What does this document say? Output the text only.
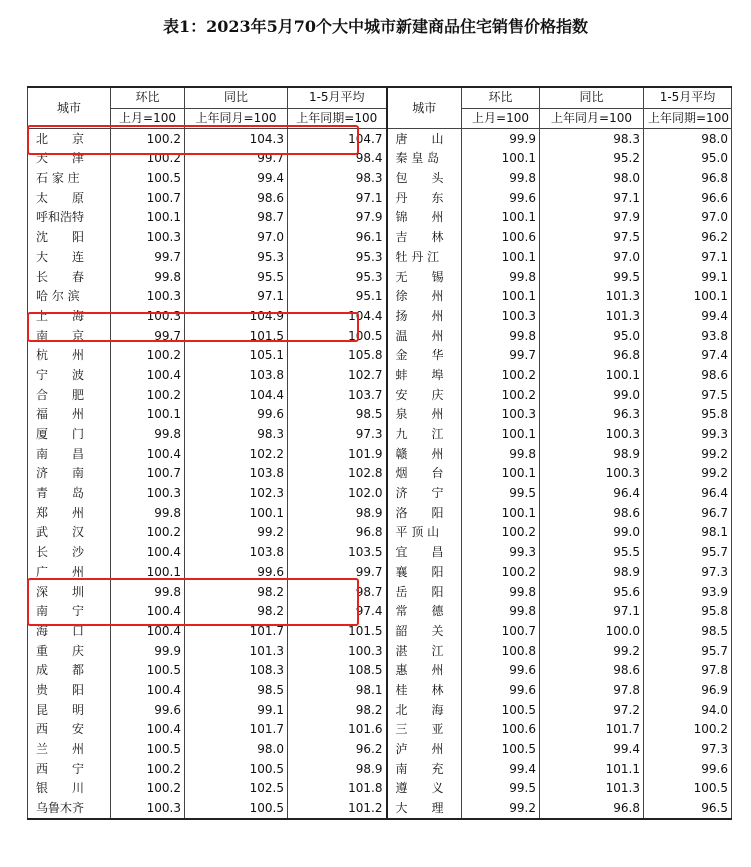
表1：2023年5月70个大中城市新建商品住宅销售价格指数
城市	环比	同比	1-5月平均	城市	环比	同比	1-5月平均
	上月=100	上年同月=100	上年同期=100		上月=100	上年同月=100	上年同期=100
北　　京	100.2	104.3	104.7	唐　　山	99.9	98.3	98.0
天　　津	100.2	99.7	98.4	秦 皇 岛	100.1	95.2	95.0
石 家 庄	100.5	99.4	98.3	包　　头	99.8	98.0	96.8
太　　原	100.7	98.6	97.1	丹　　东	99.6	97.1	96.6
呼和浩特	100.1	98.7	97.9	锦　　州	100.1	97.9	97.0
沈　　阳	100.3	97.0	96.1	吉　　林	100.6	97.5	96.2
大　　连	99.7	95.3	95.3	牡 丹 江	100.1	97.0	97.1
长　　春	99.8	95.5	95.3	无　　锡	99.8	99.5	99.1
哈 尔 滨	100.3	97.1	95.1	徐　　州	100.1	101.3	100.1
上　　海	100.3	104.9	104.4	扬　　州	100.3	101.3	99.4
南　　京	99.7	101.5	100.5	温　　州	99.8	95.0	93.8
杭　　州	100.2	105.1	105.8	金　　华	99.7	96.8	97.4
宁　　波	100.4	103.8	102.7	蚌　　埠	100.2	100.1	98.6
合　　肥	100.2	104.4	103.7	安　　庆	100.2	99.0	97.5
福　　州	100.1	99.6	98.5	泉　　州	100.3	96.3	95.8
厦　　门	99.8	98.3	97.3	九　　江	100.1	100.3	99.3
南　　昌	100.4	102.2	101.9	赣　　州	99.8	98.9	99.2
济　　南	100.7	103.8	102.8	烟　　台	100.1	100.3	99.2
青　　岛	100.3	102.3	102.0	济　　宁	99.5	96.4	96.4
郑　　州	99.8	100.1	98.9	洛　　阳	100.1	98.6	96.7
武　　汉	100.2	99.2	96.8	平 顶 山	100.2	99.0	98.1
长　　沙	100.4	103.8	103.5	宜　　昌	99.3	95.5	95.7
广　　州	100.1	99.6	99.7	襄　　阳	100.2	98.9	97.3
深　　圳	99.8	98.2	98.7	岳　　阳	99.8	95.6	93.9
南　　宁	100.4	98.2	97.4	常　　德	99.8	97.1	95.8
海　　口	100.4	101.7	101.5	韶　　关	100.7	100.0	98.5
重　　庆	99.9	101.3	100.3	湛　　江	100.8	99.2	95.7
成　　都	100.5	108.3	108.5	惠　　州	99.6	98.6	97.8
贵　　阳	100.4	98.5	98.1	桂　　林	99.6	97.8	96.9
昆　　明	99.6	99.1	98.2	北　　海	100.5	97.2	94.0
西　　安	100.4	101.7	101.6	三　　亚	100.6	101.7	100.2
兰　　州	100.5	98.0	96.2	泸　　州	100.5	99.4	97.3
西　　宁	100.2	100.5	98.9	南　　充	99.4	101.1	99.6
银　　川	100.2	102.5	101.8	遵　　义	99.5	101.3	100.5
乌鲁木齐	100.3	100.5	101.2	大　　理	99.2	96.8	96.5
